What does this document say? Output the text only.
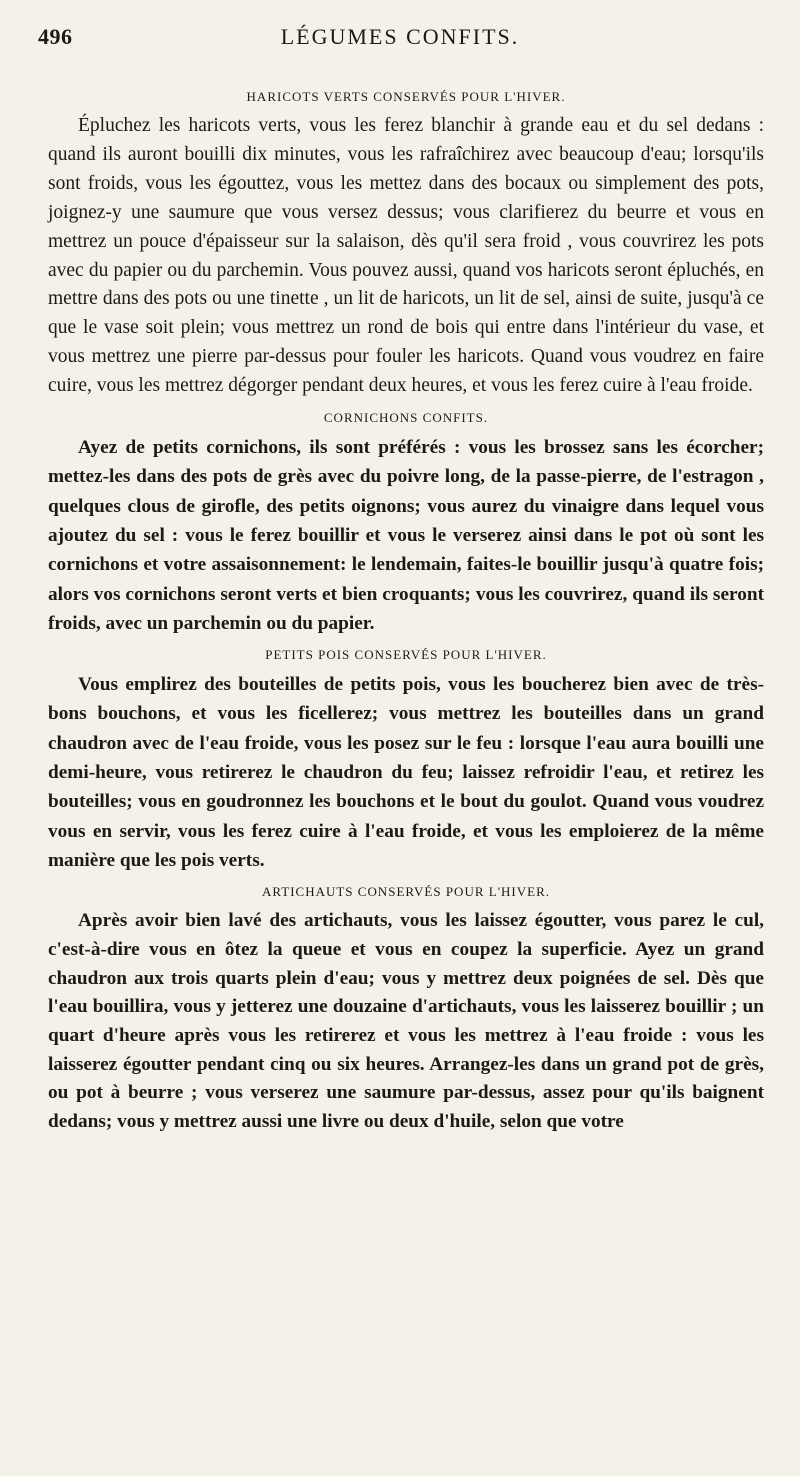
496	LÉGUMES CONFITS.
HARICOTS VERTS CONSERVÉS POUR L'HIVER.

Épluchez les haricots verts, vous les ferez blanchir à grande eau et du sel dedans : quand ils auront bouilli dix minutes, vous les rafraîchirez avec beaucoup d'eau; lorsqu'ils sont froids, vous les égouttez, vous les mettez dans des bocaux ou simplement des pots, joignez-y une saumure que vous versez dessus; vous clarifierez du beurre et vous en mettrez un pouce d'épaisseur sur la salaison, dès qu'il sera froid , vous couvrirez les pots avec du papier ou du parchemin. Vous pouvez aussi, quand vos haricots seront épluchés, en mettre dans des pots ou une tinette , un lit de haricots, un lit de sel, ainsi de suite, jusqu'à ce que le vase soit plein; vous mettrez un rond de bois qui entre dans l'intérieur du vase, et vous mettrez une pierre par-dessus pour fouler les haricots. Quand vous voudrez en faire cuire, vous les mettrez dégorger pendant deux heures, et vous les ferez cuire à l'eau froide.

CORNICHONS CONFITS.

Ayez de petits cornichons, ils sont préférés : vous les brossez sans les écorcher; mettez-les dans des pots de grès avec du poivre long, de la passe-pierre, de l'estragon , quelques clous de girofle, des petits oignons; vous aurez du vinaigre dans lequel vous ajoutez du sel : vous le ferez bouillir et vous le verserez ainsi dans le pot où sont les cornichons et votre assaisonnement: le lendemain, faites-le bouillir jusqu'à quatre fois; alors vos cornichons seront verts et bien croquants; vous les couvrirez, quand ils seront froids, avec un parchemin ou du papier.

PETITS POIS CONSERVÉS POUR L'HIVER.

Vous emplirez des bouteilles de petits pois, vous les boucherez bien avec de très-bons bouchons, et vous les ficellerez; vous mettrez les bouteilles dans un grand chaudron avec de l'eau froide, vous les posez sur le feu : lorsque l'eau aura bouilli une demi-heure, vous retirerez le chaudron du feu; laissez refroidir l'eau, et retirez les bouteilles; vous en goudronnez les bouchons et le bout du goulot. Quand vous voudrez vous en servir, vous les ferez cuire à l'eau froide, et vous les emploierez de la même manière que les pois verts.

ARTICHAUTS CONSERVÉS POUR L'HIVER.

Après avoir bien lavé des artichauts, vous les laissez égoutter, vous parez le cul, c'est-à-dire vous en ôtez la queue et vous en coupez la superficie. Ayez un grand chaudron aux trois quarts plein d'eau; vous y mettrez deux poignées de sel. Dès que l'eau bouillira, vous y jetterez une douzaine d'artichauts, vous les laisserez bouillir ; un quart d'heure après vous les retirerez et vous les mettrez à l'eau froide : vous les laisserez égoutter pendant cinq ou six heures. Arrangez-les dans un grand pot de grès, ou pot à beurre ; vous verserez une saumure par-dessus, assez pour qu'ils baignent dedans; vous y mettrez aussi une livre ou deux d'huile, selon que votre
